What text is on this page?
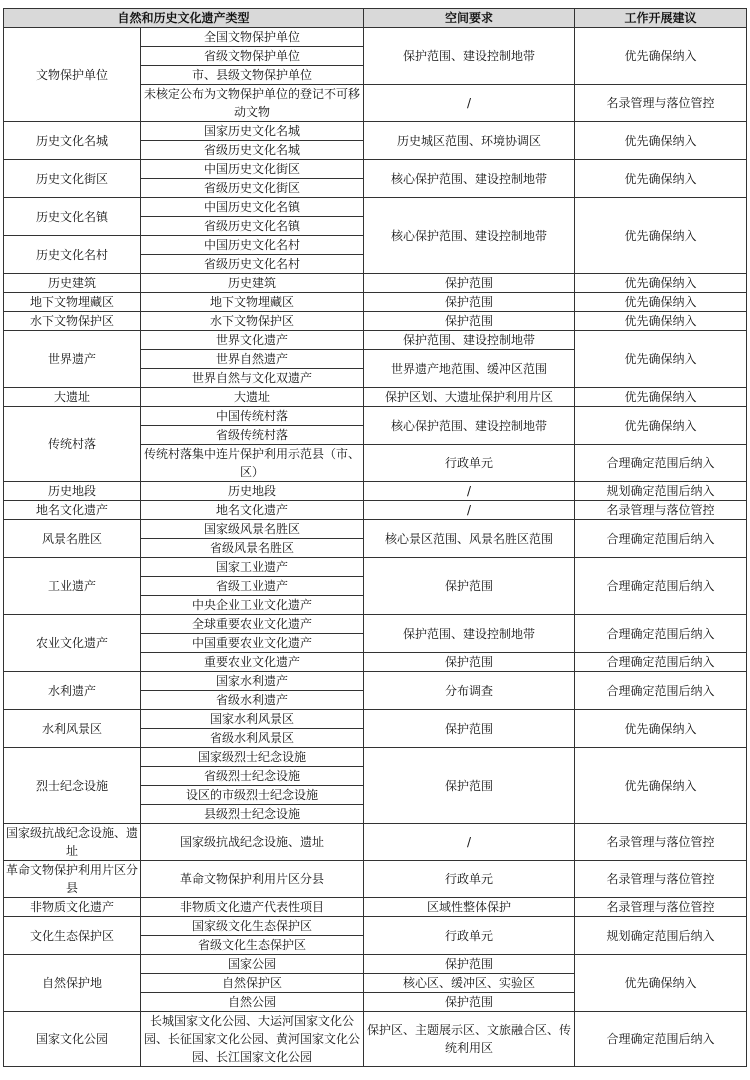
自然和历史文化遗产类型		空间要求	工作开展建议
文物保护单位	全国文物保护单位	保护范围、建设控制地带	优先确保纳入
	省级文物保护单位		
	市、县级文物保护单位		
	未核定公布为文物保护单位的登记不可移动文物	/	名录管理与落位管控
历史文化名城	国家历史文化名城	历史城区范围、环境协调区	优先确保纳入
	省级历史文化名城		
历史文化街区	中国历史文化街区	核心保护范围、建设控制地带	优先确保纳入
	省级历史文化街区		
历史文化名镇	中国历史文化名镇	核心保护范围、建设控制地带	优先确保纳入
	省级历史文化名镇		
历史文化名村	中国历史文化名村		
	省级历史文化名村		
历史建筑	历史建筑	保护范围	优先确保纳入
地下文物埋藏区	地下文物埋藏区	保护范围	优先确保纳入
水下文物保护区	水下文物保护区	保护范围	优先确保纳入
世界遗产	世界文化遗产	保护范围、建设控制地带	优先确保纳入
	世界自然遗产	世界遗产地范围、缓冲区范围	
	世界自然与文化双遗产		
大遗址	大遗址	保护区划、大遗址保护利用片区	优先确保纳入
传统村落	中国传统村落	核心保护范围、建设控制地带	优先确保纳入
	省级传统村落		
	传统村落集中连片保护利用示范县（市、区）	行政单元	合理确定范围后纳入
历史地段	历史地段	/	规划确定范围后纳入
地名文化遗产	地名文化遗产	/	名录管理与落位管控
风景名胜区	国家级风景名胜区	核心景区范围、风景名胜区范围	合理确定范围后纳入
	省级风景名胜区		
工业遗产	国家工业遗产	保护范围	合理确定范围后纳入
	省级工业遗产		
	中央企业工业文化遗产		
农业文化遗产	全球重要农业文化遗产	保护范围、建设控制地带	合理确定范围后纳入
	中国重要农业文化遗产		
	重要农业文化遗产	保护范围	合理确定范围后纳入
水利遗产	国家水利遗产	分布调查	合理确定范围后纳入
	省级水利遗产		
水利风景区	国家水利风景区	保护范围	优先确保纳入
	省级水利风景区		
烈士纪念设施	国家级烈士纪念设施	保护范围	优先确保纳入
	省级烈士纪念设施		
	设区的市级烈士纪念设施		
	县级烈士纪念设施		
国家级抗战纪念设施、遗址	国家级抗战纪念设施、遗址	/	名录管理与落位管控
革命文物保护利用片区分县	革命文物保护利用片区分县	行政单元	名录管理与落位管控
非物质文化遗产	非物质文化遗产代表性项目	区域性整体保护	名录管理与落位管控
文化生态保护区	国家级文化生态保护区	行政单元	规划确定范围后纳入
	省级文化生态保护区		
自然保护地	国家公园	保护范围	优先确保纳入
	自然保护区	核心区、缓冲区、实验区	
	自然公园	保护范围	
国家文化公园	长城国家文化公园、大运河国家文化公园、长征国家文化公园、黄河国家文化公园、长江国家文化公园	保护区、主题展示区、文旅融合区、传统利用区	合理确定范围后纳入
